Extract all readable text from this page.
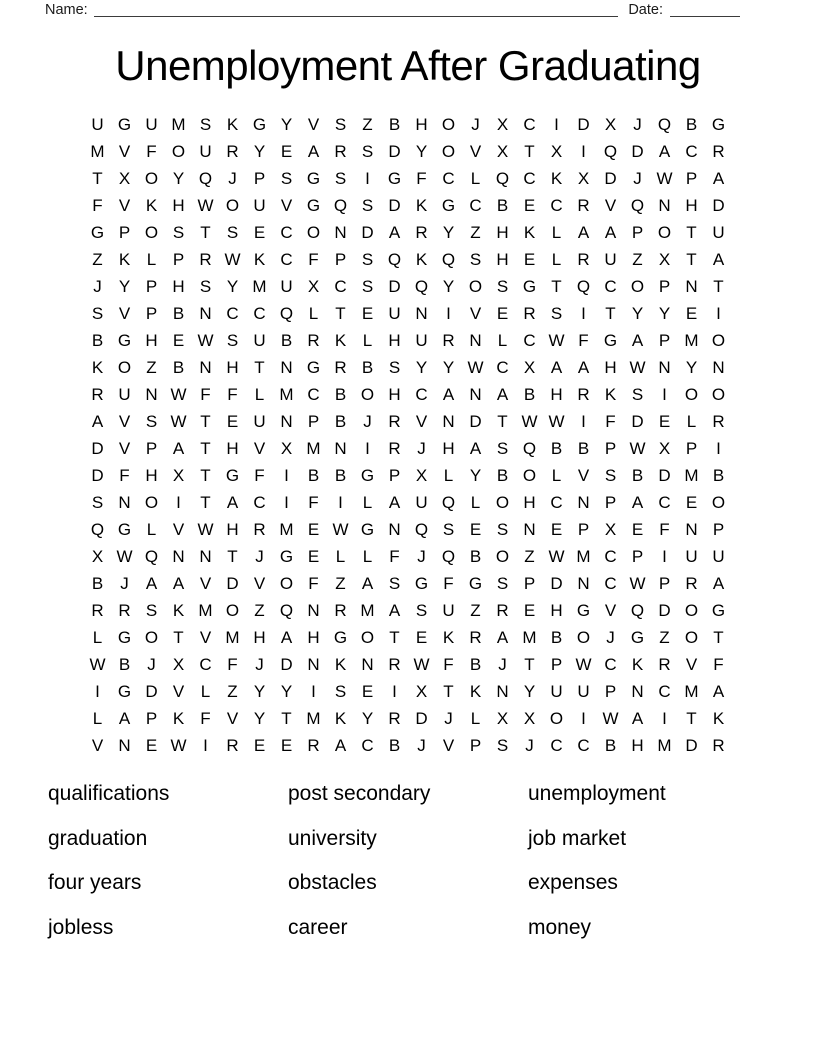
Name:	Date:
Unemployment After Graduating
U G U M S K G Y V S Z B H O J	X C	I	D X	J Q B G
M V F O U R Y E A R S D Y O V X T X	I	Q D A C R
T X O Y Q J	P S G S	I	G F C L Q C K X D J W P A
F V K H W O U V G Q S D K G C B E C R V Q N H D
G P O S T S E C O N D A R Y Z H K L A A P O T U
Z K L P R W K C F P S Q K Q S H E L R U Z X T A
J	Y P H S Y M U X C S D Q Y O S G T Q C O P N T
S V P B N C C Q L	T E U N	I	V E R S	I	T Y Y E	I
B G H E W S U B R K L H U R N L C W F G A P M O
K O Z B N H T N G R B S Y Y W C X A A H W N Y N
R U N W F F	L M C B O H C A N A B H R K S	I	O O
A V S W T E U N P B	J R V N D T W W I	F D E L R
D V P A T H V X M N	I	R J H A S Q B B P W X P	I
D F H X T G F	I	B B G P X L Y B O L V S B D M B
S N O	I	T A C	I	F	I	L A U Q L O H C N P A C E O
Q G L V W H R M E W G N Q S E S N E P X E F N P
X W Q N N T	J G E L	L	F	J Q B O Z W M C P	I	U U
B	J	A A V D V O F Z A S G F G S P D N C W P R A
R R S K M O Z Q N R M A S U Z R E H G V Q D O G
L G O T V M H A H G O T E K R A M B O J G Z O T
W B	J	X C F	J D N K N R W F B	J	T P W C K R V F
I	G D V L	Z Y Y	I	S E	I	X T K N Y U U P N C M A
L A P K F V Y T M K Y R D J	L X X O	I W A	I	T K
V N E W I	R E E R A C B	J	V P S	J C C B H M D R
qualifications
graduation
four years
jobless
post secondary
university
obstacles
career
unemployment
job market
expenses
money
